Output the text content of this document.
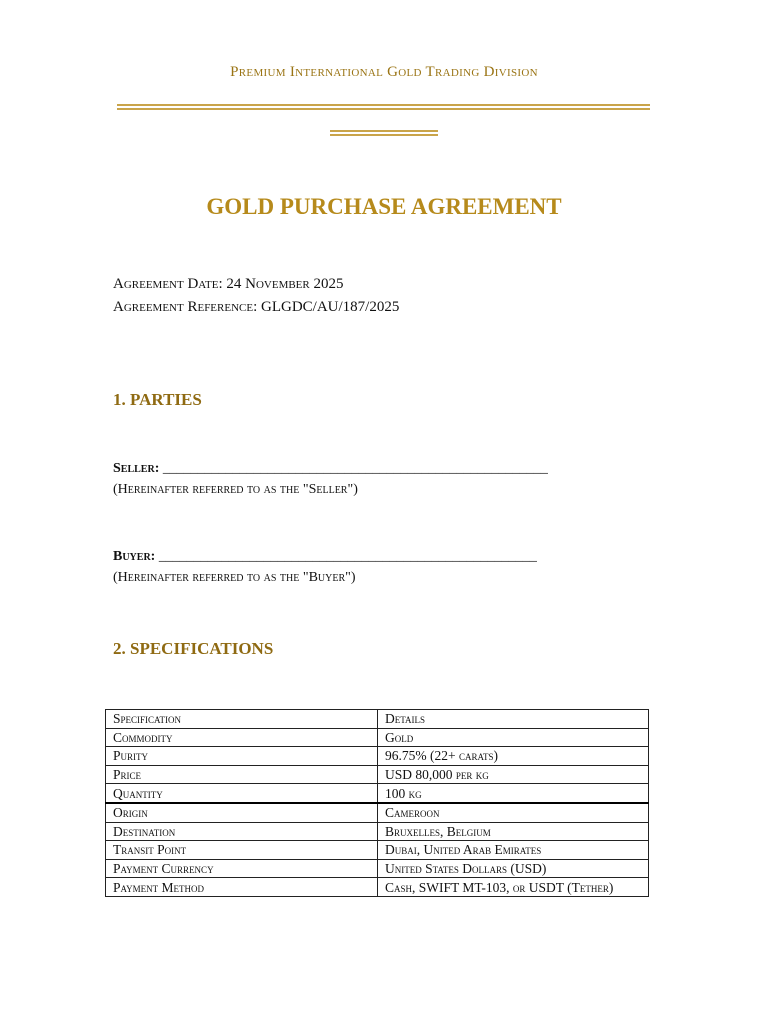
Premium International Gold Trading Division
GOLD PURCHASE AGREEMENT
Agreement Date: 24 November 2025
Agreement Reference: GLGDC/AU/187/2025
1. PARTIES
Seller: _______________________________________________________
(Hereinafter referred to as the "Seller")
Buyer: ______________________________________________________
(Hereinafter referred to as the "Buyer")
2. SPECIFICATIONS
Specification	Details
Commodity	Gold
Purity	96.75% (22+ carats)
Price	USD 80,000 per kg
Quantity	100 kg
Origin	Cameroon
Destination	Bruxelles, Belgium
Transit Point	Dubai, United Arab Emirates
Payment Currency	United States Dollars (USD)
Payment Method	Cash, SWIFT MT-103, or USDT (Tether)
